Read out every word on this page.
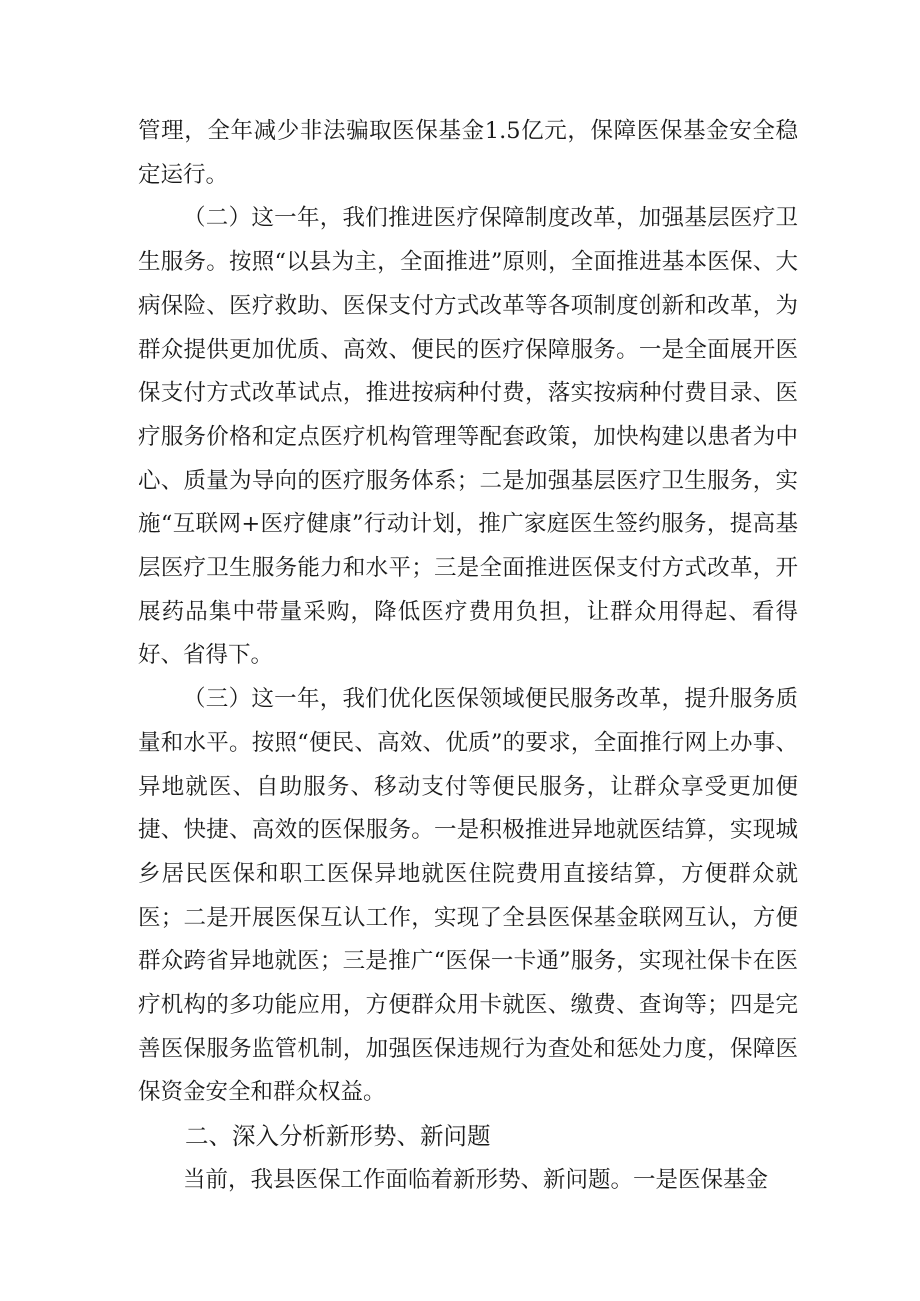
管理，全年减少非法骗取医保基金1.5亿元，保障医保基金安全稳定运行。

（二）这一年，我们推进医疗保障制度改革，加强基层医疗卫生服务。按照“以县为主，全面推进”原则，全面推进基本医保、大病保险、医疗救助、医保支付方式改革等各项制度创新和改革，为群众提供更加优质、高效、便民的医疗保障服务。一是全面展开医保支付方式改革试点，推进按病种付费，落实按病种付费目录、医疗服务价格和定点医疗机构管理等配套政策，加快构建以患者为中心、质量为导向的医疗服务体系；二是加强基层医疗卫生服务，实施“互联网+医疗健康”行动计划，推广家庭医生签约服务，提高基层医疗卫生服务能力和水平；三是全面推进医保支付方式改革，开展药品集中带量采购，降低医疗费用负担，让群众用得起、看得好、省得下。

（三）这一年，我们优化医保领域便民服务改革，提升服务质量和水平。按照“便民、高效、优质”的要求，全面推行网上办事、异地就医、自助服务、移动支付等便民服务，让群众享受更加便捷、快捷、高效的医保服务。一是积极推进异地就医结算，实现城乡居民医保和职工医保异地就医住院费用直接结算，方便群众就医；二是开展医保互认工作，实现了全县医保基金联网互认，方便群众跨省异地就医；三是推广“医保一卡通”服务，实现社保卡在医疗机构的多功能应用，方便群众用卡就医、缴费、查询等；四是完善医保服务监管机制，加强医保违规行为查处和惩处力度，保障医保资金安全和群众权益。

二、深入分析新形势、新问题

当前，我县医保工作面临着新形势、新问题。一是医保基金
